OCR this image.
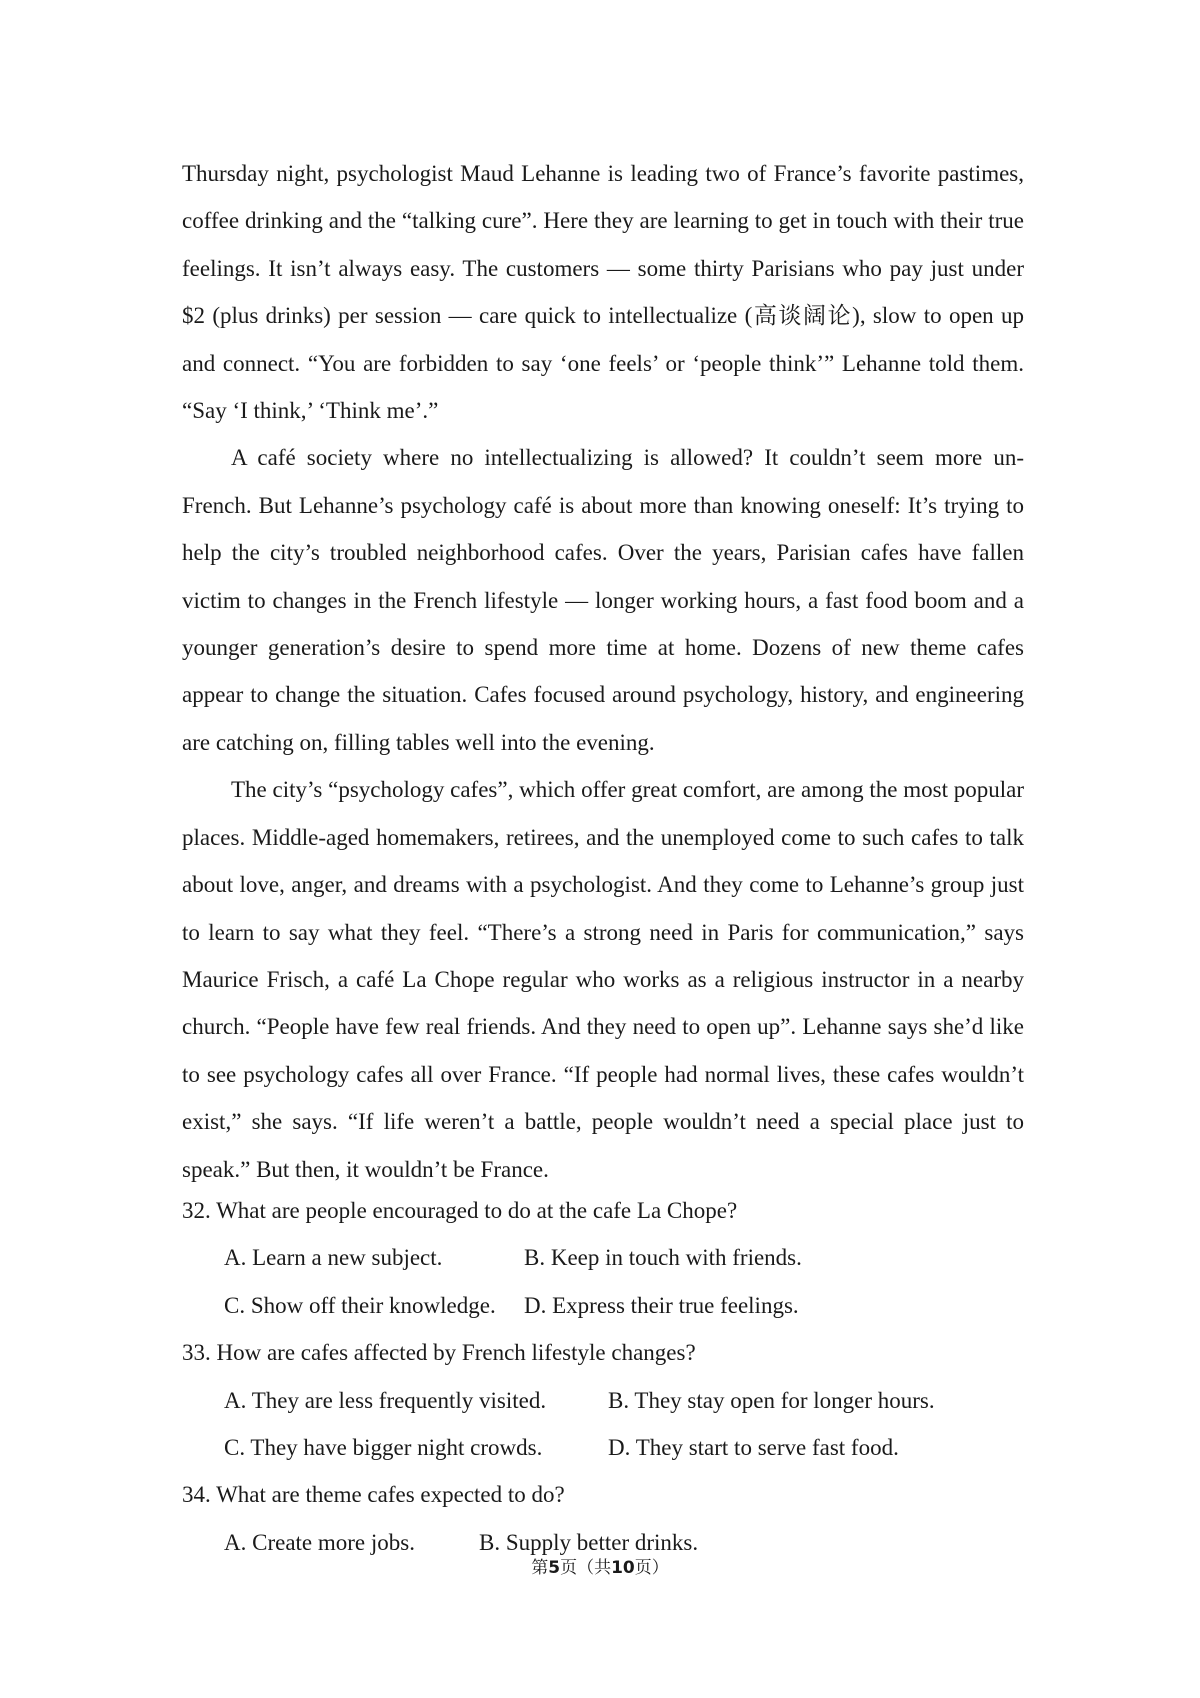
Thursday night, psychologist Maud Lehanne is leading two of France’s favorite pastimes, coffee drinking and the “talking cure”. Here they are learning to get in touch with their true feelings. It isn’t always easy. The customers — some thirty Parisians who pay just under $2 (plus drinks) per session — care quick to intellectualize (高谈阔论), slow to open up and connect. “You are forbidden to say ‘one feels’ or ‘people think’” Lehanne told them. “Say ‘I think,’ ‘Think me’.”

A café society where no intellectualizing is allowed? It couldn’t seem more un-French. But Lehanne’s psychology café is about more than knowing oneself: It’s trying to help the city’s troubled neighborhood cafes. Over the years, Parisian cafes have fallen victim to changes in the French lifestyle — longer working hours, a fast food boom and a younger generation’s desire to spend more time at home. Dozens of new theme cafes appear to change the situation. Cafes focused around psychology, history, and engineering are catching on, filling tables well into the evening.

The city’s “psychology cafes”, which offer great comfort, are among the most popular places. Middle-aged homemakers, retirees, and the unemployed come to such cafes to talk about love, anger, and dreams with a psychologist. And they come to Lehanne’s group just to learn to say what they feel. “There’s a strong need in Paris for communication,” says Maurice Frisch, a café La Chope regular who works as a religious instructor in a nearby church. “People have few real friends. And they need to open up”. Lehanne says she’d like to see psychology cafes all over France. “If people had normal lives, these cafes wouldn’t exist,” she says. “If life weren’t a battle, people wouldn’t need a special place just to speak.” But then, it wouldn’t be France.

32. What are people encouraged to do at the cafe La Chope?
A. Learn a new subject.	B. Keep in touch with friends.
C. Show off their knowledge. D. Express their true feelings.
33. How are cafes affected by French lifestyle changes?
A. They are less frequently visited.	B. They stay open for longer hours.
C. They have bigger night crowds.	D. They start to serve fast food.
34. What are theme cafes expected to do?
A. Create more jobs.	B. Supply better drinks.
第5页（共10页）
